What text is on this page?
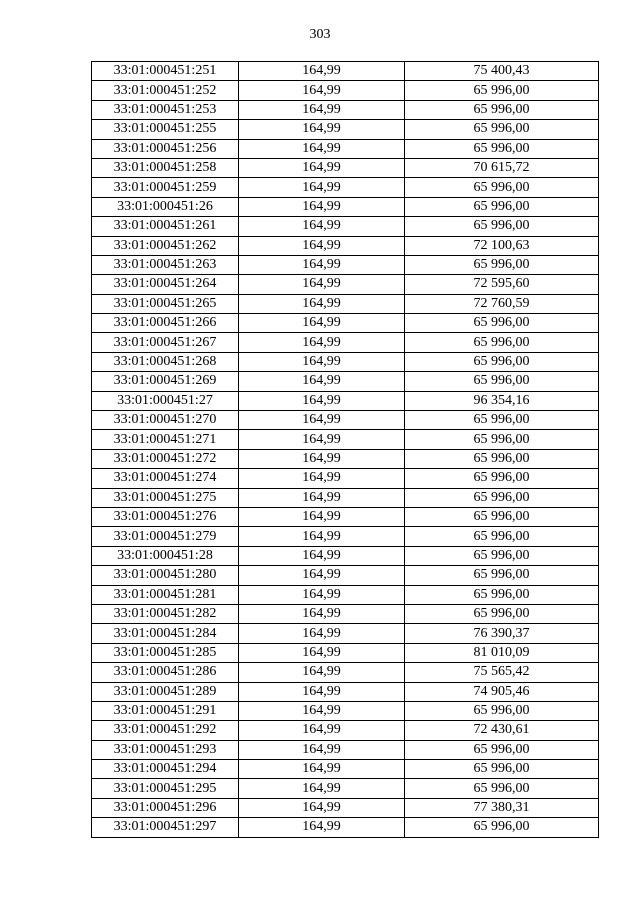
303
33:01:000451:251	164,99	75 400,43
33:01:000451:252	164,99	65 996,00
33:01:000451:253	164,99	65 996,00
33:01:000451:255	164,99	65 996,00
33:01:000451:256	164,99	65 996,00
33:01:000451:258	164,99	70 615,72
33:01:000451:259	164,99	65 996,00
33:01:000451:26	164,99	65 996,00
33:01:000451:261	164,99	65 996,00
33:01:000451:262	164,99	72 100,63
33:01:000451:263	164,99	65 996,00
33:01:000451:264	164,99	72 595,60
33:01:000451:265	164,99	72 760,59
33:01:000451:266	164,99	65 996,00
33:01:000451:267	164,99	65 996,00
33:01:000451:268	164,99	65 996,00
33:01:000451:269	164,99	65 996,00
33:01:000451:27	164,99	96 354,16
33:01:000451:270	164,99	65 996,00
33:01:000451:271	164,99	65 996,00
33:01:000451:272	164,99	65 996,00
33:01:000451:274	164,99	65 996,00
33:01:000451:275	164,99	65 996,00
33:01:000451:276	164,99	65 996,00
33:01:000451:279	164,99	65 996,00
33:01:000451:28	164,99	65 996,00
33:01:000451:280	164,99	65 996,00
33:01:000451:281	164,99	65 996,00
33:01:000451:282	164,99	65 996,00
33:01:000451:284	164,99	76 390,37
33:01:000451:285	164,99	81 010,09
33:01:000451:286	164,99	75 565,42
33:01:000451:289	164,99	74 905,46
33:01:000451:291	164,99	65 996,00
33:01:000451:292	164,99	72 430,61
33:01:000451:293	164,99	65 996,00
33:01:000451:294	164,99	65 996,00
33:01:000451:295	164,99	65 996,00
33:01:000451:296	164,99	77 380,31
33:01:000451:297	164,99	65 996,00
